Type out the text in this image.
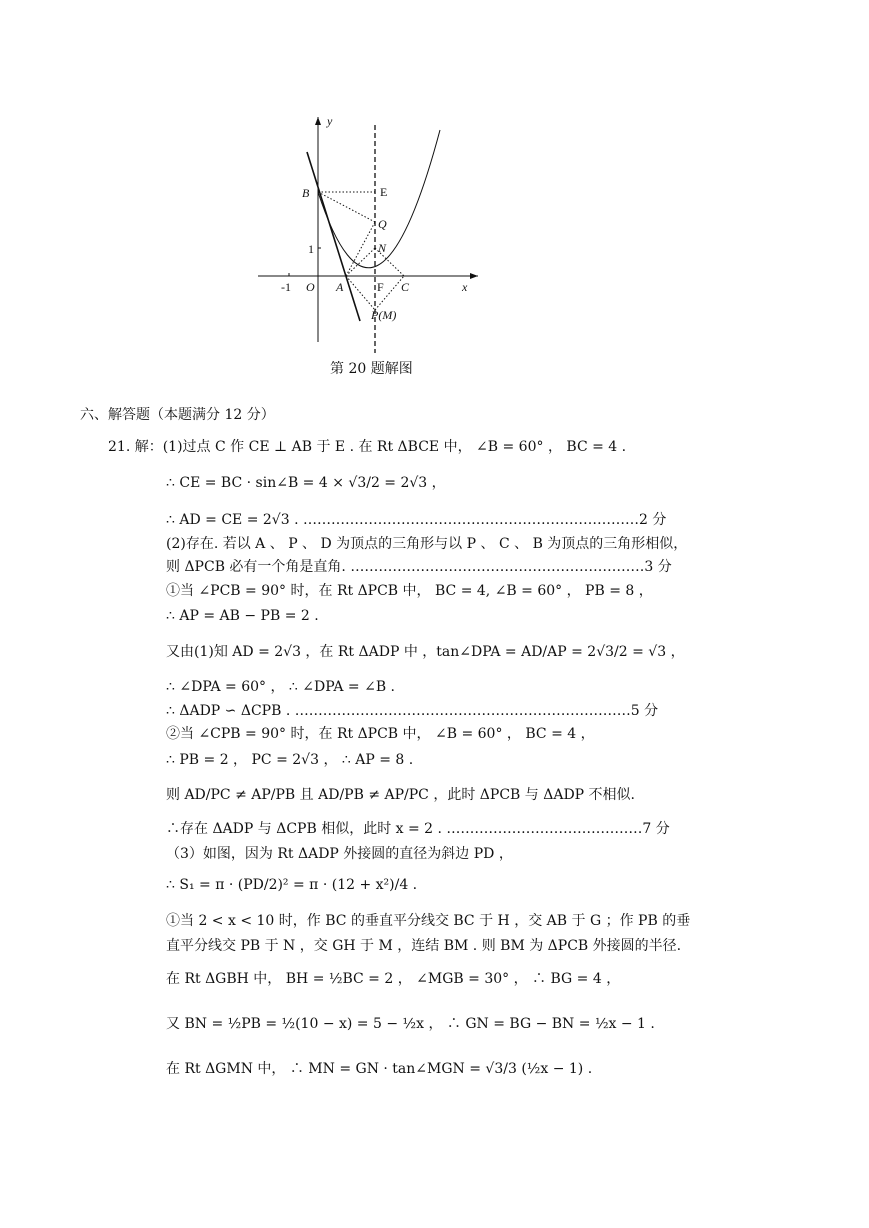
y
x
B	E
Q
N
1
-1 O A	F C
P(M)
第 20 题解图
六、解答题（本题满分 12 分）
21. 解：(1)过点 C 作 CE ⊥ AB 于 E . 在 Rt ΔBCE 中， ∠B = 60° ， BC = 4 .
∴ CE = BC · sin∠B = 4 × √3/2 = 2√3 ，
∴ AD = CE = 2√3 . ………………………………………………………………2 分
(2)存在. 若以 A 、 P 、 D 为顶点的三角形与以 P 、 C 、 B 为顶点的三角形相似，
则 ΔPCB 必有一个角是直角. ………………………………………………………3 分
①当 ∠PCB = 90° 时，在 Rt ΔPCB 中， BC = 4, ∠B = 60° ， PB = 8 ，
∴ AP = AB − PB = 2 .
又由(1)知 AD = 2√3 ，在 Rt ΔADP 中 ，tan∠DPA = AD/AP = 2√3/2 = √3 ，
∴ ∠DPA = 60° ， ∴ ∠DPA = ∠B .
∴ ΔADP ∽ ΔCPB . ………………………………………………………………5 分
②当 ∠CPB = 90° 时，在 Rt ΔPCB 中， ∠B = 60° ， BC = 4 ，
∴ PB = 2 ， PC = 2√3 ， ∴ AP = 8 .
则 AD/PC ≠ AP/PB 且 AD/PB ≠ AP/PC ，此时 ΔPCB 与 ΔADP 不相似.
∴存在 ΔADP 与 ΔCPB 相似，此时 x = 2 . ……………………………………7 分
（3）如图，因为 Rt ΔADP 外接圆的直径为斜边 PD ，
∴ S₁ = π · (PD/2)² = π · (12 + x²)/4 .
①当 2 < x < 10 时，作 BC 的垂直平分线交 BC 于 H ，交 AB 于 G ；作 PB 的垂
直平分线交 PB 于 N ，交 GH 于 M ，连结 BM . 则 BM 为 ΔPCB 外接圆的半径.
在 Rt ΔGBH 中， BH = ½BC = 2 ， ∠MGB = 30° ， ∴ BG = 4 ，
又 BN = ½PB = ½(10 − x) = 5 − ½x ， ∴ GN = BG − BN = ½x − 1 .
在 Rt ΔGMN 中， ∴ MN = GN · tan∠MGN = √3/3 (½x − 1) .
